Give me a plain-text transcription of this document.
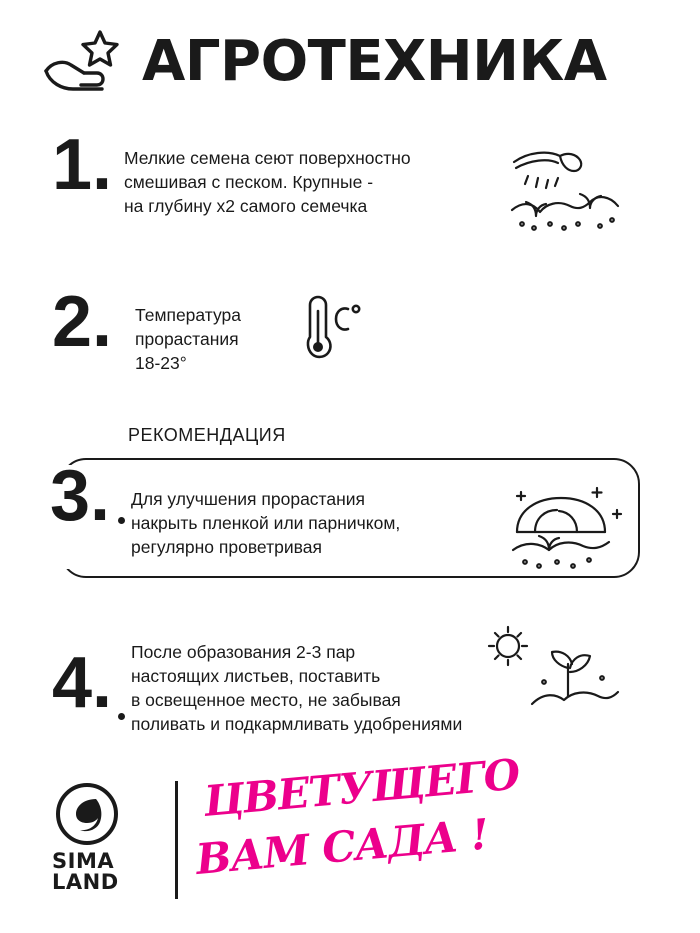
АГРОТЕХНИКА
1. Мелкие семена сеют поверхностно
смешивая с песком. Крупные -
на глубину х2 самого семечка
2. Температура
прорастания
18-23°
РЕКОМЕНДАЦИЯ
3. Для улучшения прорастания
накрыть пленкой или парничком,
регулярно проветривая
4. После образования 2-3 пар
настоящих листьев, поставить
в освещенное место, не забывая
поливать и подкармливать удобрениями
SIMA
LAND
ЦВЕТУЩЕГО
ВАМ САДА !
